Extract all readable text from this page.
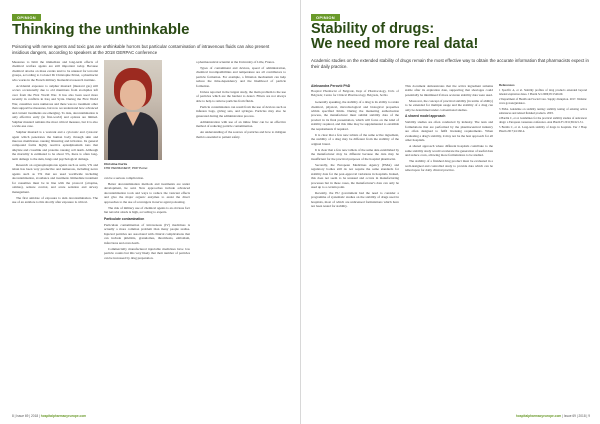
OPINION
Thinking the unthinkable
Poisoning with nerve agents and toxic gas are unthinkable horrors but particular contamination of intravenous fluids can also present insidious dangers, according to speakers at the 2018 GERPAC conference

Measures to limit the immediate and long-term effects of chemical warfare agents are still important today. Because chemical attacks on mass events tend to be unusual for terrorist groups, according to Colonel Dr Christophe Pérret, a pharmacist who works in the French military biomedical research institute.

Accidental exposure to sulphur mustard (mustard gas) still occurs occasionally due to old munitions from stockpiles left over from the First World War. It has also been used more recently in conflicts in Iraq and Syria. During the First World War, casualties were numerous and there was no treatment other than supportive measures, but now we understand how advanced and current treatments are emerging. To date, decontamination is only effective early (in first-world) and options are limited. Sulphur mustard remains the most critical measure, but it is also a wide-use case.

Sulphur mustard is a vesicant and a cytotoxic and cytotoxic agent which penetrates the human body through skin and mucous membranes causing blistering and irritation. Its general compound forms highly reactive episulphonium ions that alkylate and crosslink and proteins causing cell death. Although the mortality is estimated to be about 3%, there is often long-term damage to the skin, lungs and psychological damage.

Research on organophosphorus agents such as sarin, VX and tabun has been very productive and numerous, including nerve agents such as VX that are used worldwide including decontamination, avoidance and treatment. Immediate treatment for casualties must be in line with the protocol (atropine, oximes), seizure control, and acute sedation and airway management.

The first antidote of exposure is skin decontamination. The use of an antidote to this shortly after exposure is critical.

Christine Curtis
FHR PERMANENT, PDP Pétrel

can be a serious complication.

Better decontamination methods and treatments are under development, he said. New approaches include advanced decontamination tools and ways to reduce the vesicant effects and give the major organic enzymes to assist the direct approaches to the use of scavengers in nerve agent poisoning.

The risk of military use of chemical agents is an obvious fact but terrorist attack is high, according to experts.

Particulate contamination

Particulate contamination of intravenous (IV) medicines is actually a more common problem than many people realise. Injected particles are associated with clinical complications that can include phlebitis, granulomas, thrombosis, embolism, infarctions and even death.

Commercially manufactured injectable medicines have low particle counts but this very likely that their number of particles can be increased by drug preparation.

a pharmaceutical scientist at the University of Lille, France.

Types of contaminant and devices, speed of administration, chemical incompatibilities and temperature are all contributors to particle formation. For example, a filtration mechanism can help reduce the time-dependency and the likelihood of particle formation.

Unless reported in the largest study, the main problem is the use of particles which are the hardest to detect. Filters are not always able to help to remove particles from fluids.

Particle contamination can result from the use of devices such as infusion bags, giving sets, and syringes. Particles may also be generated during the administration process.

Administration with use of an inline filter can be an effective method of reducing particle contamination.

An understanding of the sources of particles and how to mitigate them is essential to patient safety.

8 | Issue 69 | 2018 | hospitalpharmacyeurope.com
OPINION
Stability of drugs:
We need more real data!
Academic studies on the extended stability of drugs remain the most effective way to obtain the accurate information that pharmacists expect in their daily practice.
Aleksandra Perović PhD
Hospital Pharmacist of Belgrade, Dept of Pharmacology, Univ. of Belgrade; Centre for Clinical Pharmacology, Belgrade, Serbia

Generally speaking, the stability of a drug is its ability to retain chemical, physical, microbiological and biological properties within specified limits. During the marketing authorisation process, the manufacturer must submit stability data of the product in its final presentation, which will focus on the kind of stability required, and this time may be supplemented to establish the requirements if required.

It is clear that a few new tablets of the same active ingredient, the stability of a drug may be different from the stability of the original brand.

It is clear that a few new tablets of the same data established by the manufacturer may be different because the data may be insufficient for the practical purposes of the hospital pharmacist.

Secondly, the European Medicines Agency (EMA) and regulatory bodies still do not require the same standards for stability data for the post-approval variations in hospitals. Indeed, this does not seem to be unusual and occurs in manufacturing processes but in these cases, the manufacturer's data can only be used up to a certain point.

Recently, the EU government had the need to consider a programme of systematic studies on the stability of drugs used in hospitals, most of which are unlicensed formulations which have not been tested for stability.

This document demonstrates that the active ingredient remains stable after its expiration date, supporting that shortages could potentially be minimised if more accurate stability data were used.

Moreover, the concept of practical stability (in terms of ability) to be extended for multiple usage and the stability of a drug can only be determined under conventional studies.

A shared model approach

Stability studies are often conducted by industry. The tests and formulations that are performed by the pharmaceutical industry are often designed to fulfil licensing requirements. When evaluating a drug's stability, it may not be the best approach for all other hospitals.

A shared approach where different hospitals contribute to the same stability study would accelerate the generation of useful data and reduce costs, allowing more formulations to be studied.

The stability of a finished drug product must be evaluated in a well-designed and controlled study to provide data which can be relied upon for daily clinical practice.

References

1 Specific A, et al. Stability profiles of drug products extended beyond labeled expiration dates. J Pharm Sci 2006;95:1549-60.

2 Department of Health and Social Care. Supply disruption. 2017. Website: www.gov.uk/guidance.

3 EMA. Guideline on stability testing: stability testing of existing active substances and related finished products. 2003.

4 Bardin C, et al. Guidelines for the practical stability studies of anticancer drugs: a European consensus conference. Ann Pharm Fr 2011;69:221-31.

5 Bardin C, et al. Long-term stability of drugs in hospitals. Eur J Hosp Pharm 2017;24:160-4.

hospitalpharmacyeurope.com | Issue 69 | 2018 | 9
